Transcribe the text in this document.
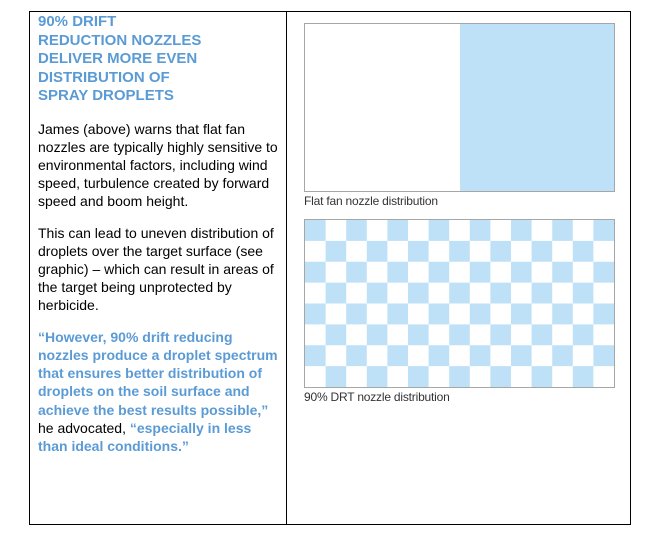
90% DRIFT
REDUCTION NOZZLES
DELIVER MORE EVEN
DISTRIBUTION OF
SPRAY DROPLETS

James (above) warns that flat fan nozzles are typically highly sensitive to environmental factors, including wind speed, turbulence created by forward speed and boom height.

This can lead to uneven distribution of droplets over the target surface (see graphic) – which can result in areas of the target being unprotected by herbicide.

“However, 90% drift reducing nozzles produce a droplet spectrum that ensures better distribution of droplets on the soil surface and achieve the best results possible,” he advocated, “especially in less than ideal conditions.”

Flat fan nozzle distribution
90% DRT nozzle distribution
